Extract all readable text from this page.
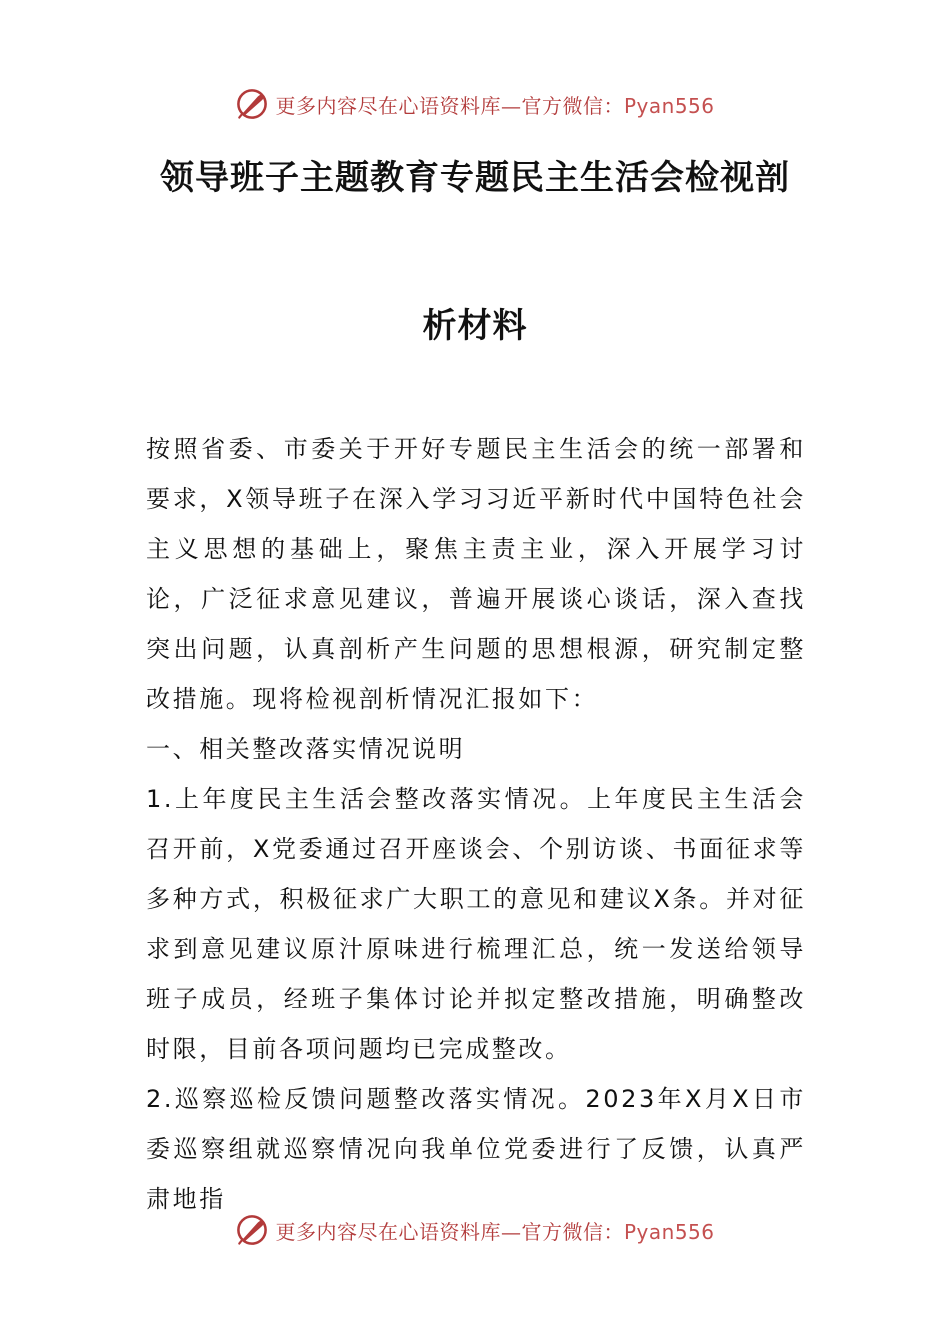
更多内容尽在心语资料库—官方微信：Pyan556
领导班子主题教育专题民主生活会检视剖
析材料

按照省委、市委关于开好专题民主生活会的统一部署和要求，X领导班子在深入学习习近平新时代中国特色社会主义思想的基础上，聚焦主责主业，深入开展学习讨论，广泛征求意见建议，普遍开展谈心谈话，深入查找突出问题，认真剖析产生问题的思想根源，研究制定整改措施。现将检视剖析情况汇报如下：

一、相关整改落实情况说明

1.上年度民主生活会整改落实情况。上年度民主生活会召开前，X党委通过召开座谈会、个别访谈、书面征求等多种方式，积极征求广大职工的意见和建议X条。并对征求到意见建议原汁原味进行梳理汇总，统一发送给领导班子成员，经班子集体讨论并拟定整改措施，明确整改时限，目前各项问题均已完成整改。

2.巡察巡检反馈问题整改落实情况。2023年X月X日市委巡察组就巡察情况向我单位党委进行了反馈，认真严肃地指

更多内容尽在心语资料库—官方微信：Pyan556
